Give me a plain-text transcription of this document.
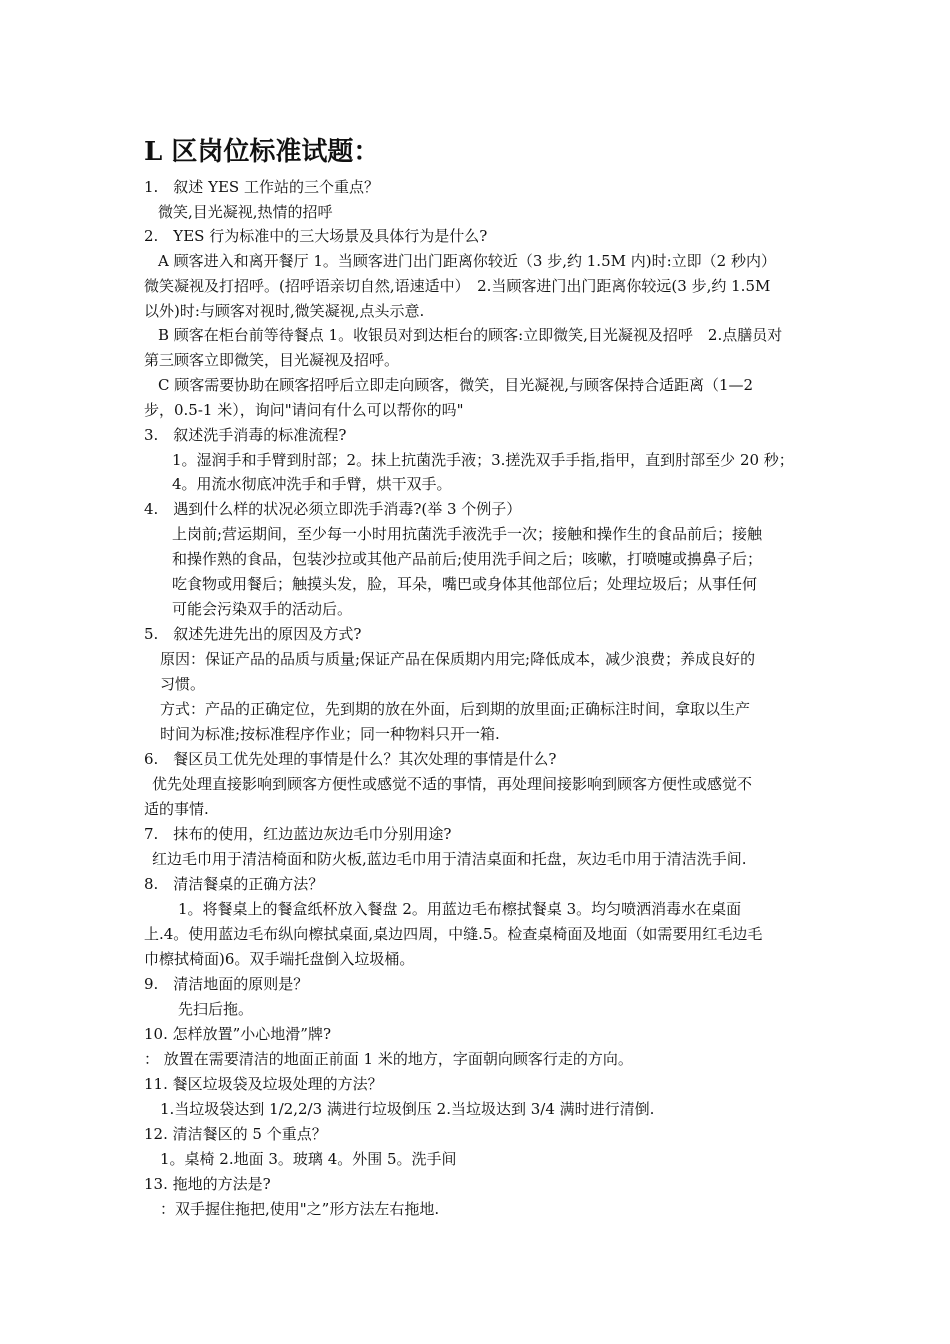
L 区岗位标准试题：
1.　叙述 YES 工作站的三个重点？
微笑,目光凝视,热情的招呼
2.　YES 行为标准中的三大场景及具体行为是什么?
A 顾客进入和离开餐厅 1。当顾客进门出门距离你较近（3 步,约 1.5M 内)时:立即（2 秒内）
微笑凝视及打招呼。(招呼语亲切自然,语速适中）　2.当顾客进门出门距离你较远(3 步,约 1.5M
以外)时:与顾客对视时,微笑凝视,点头示意.
B 顾客在柜台前等待餐点 1。收银员对到达柜台的顾客:立即微笑,目光凝视及招呼　2.点膳员对
第三顾客立即微笑，目光凝视及招呼。
C 顾客需要协助在顾客招呼后立即走向顾客，微笑，目光凝视,与顾客保持合适距离（1—2
步，0.5-1 米），询问"请问有什么可以帮你的吗"
3.　叙述洗手消毒的标准流程?
1。湿润手和手臂到肘部；2。抹上抗菌洗手液；3.搓洗双手手指,指甲，直到肘部至少 20 秒；
4。用流水彻底冲洗手和手臂，烘干双手。
4.　遇到什么样的状况必须立即洗手消毒?(举 3 个例子）
上岗前;营运期间，至少每一小时用抗菌洗手液洗手一次；接触和操作生的食品前后；接触
和操作熟的食品，包装沙拉或其他产品前后;使用洗手间之后；咳嗽，打喷嚏或擤鼻子后；
吃食物或用餐后；触摸头发，脸，耳朵，嘴巴或身体其他部位后；处理垃圾后；从事任何
可能会污染双手的活动后。
5.　叙述先进先出的原因及方式?
原因：保证产品的品质与质量;保证产品在保质期内用完;降低成本，减少浪费；养成良好的
习惯。
方式：产品的正确定位，先到期的放在外面，后到期的放里面;正确标注时间，拿取以生产
时间为标准;按标准程序作业；同一种物料只开一箱.
6.　餐区员工优先处理的事情是什么？其次处理的事情是什么?
优先处理直接影响到顾客方便性或感觉不适的事情，再处理间接影响到顾客方便性或感觉不
适的事情.
7.　抹布的使用，红边蓝边灰边毛巾分别用途?
红边毛巾用于清洁椅面和防火板,蓝边毛巾用于清洁桌面和托盘，灰边毛巾用于清洁洗手间.
8.　清洁餐桌的正确方法？
1。将餐桌上的餐盒纸杯放入餐盘 2。用蓝边毛布檫拭餐桌 3。均匀喷洒消毒水在桌面
上.4。使用蓝边毛布纵向檫拭桌面,桌边四周，中缝.5。检查桌椅面及地面（如需要用红毛边毛
巾檫拭椅面)6。双手端托盘倒入垃圾桶。
9.　清洁地面的原则是？
先扫后拖。
10. 怎样放置”小心地滑”牌?
： 放置在需要清洁的地面正前面 1 米的地方，字面朝向顾客行走的方向。
11. 餐区垃圾袋及垃圾处理的方法？
1.当垃圾袋达到 1/2,2/3 满进行垃圾倒压 2.当垃圾达到 3/4 满时进行清倒.
12. 清洁餐区的 5 个重点？
1。桌椅 2.地面 3。玻璃 4。外围 5。洗手间
13. 拖地的方法是?
：双手握住拖把,使用"之”形方法左右拖地.
